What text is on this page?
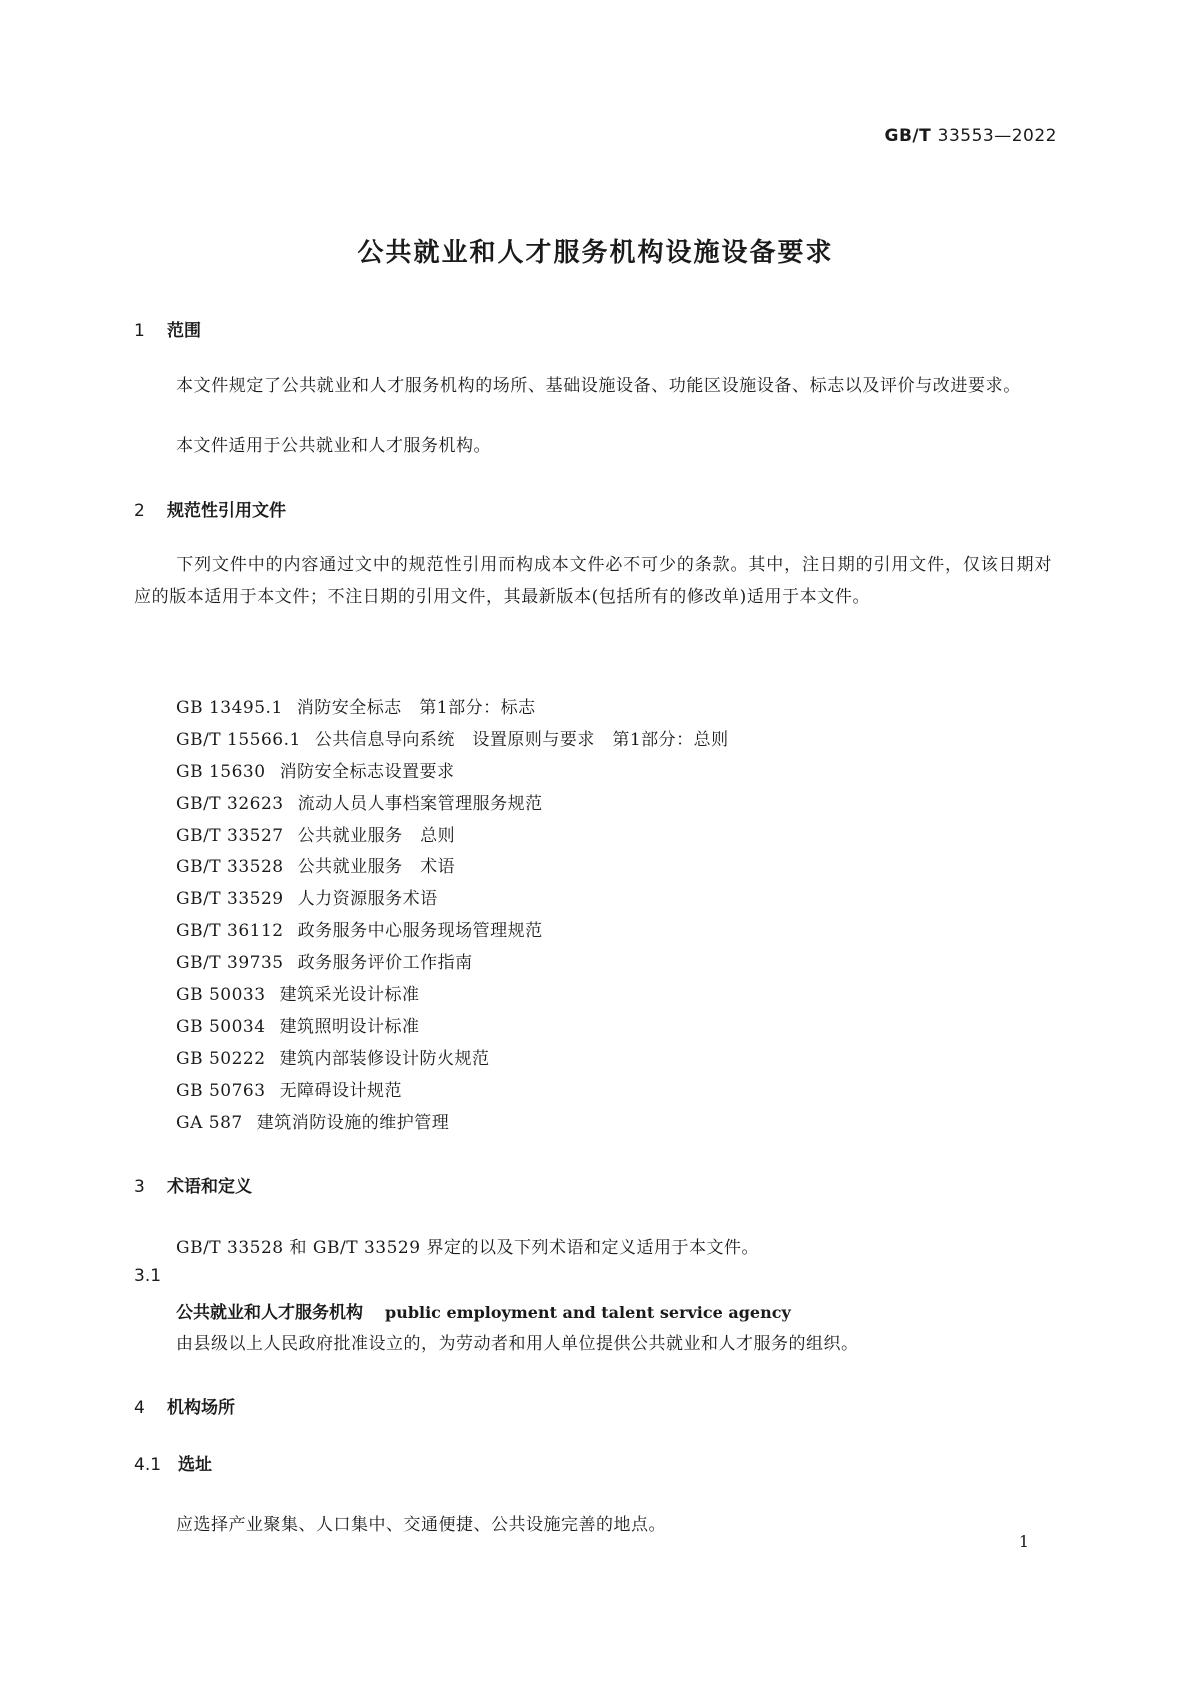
GB/T 33553—2022
公共就业和人才服务机构设施设备要求
1 范围
本文件规定了公共就业和人才服务机构的场所、基础设施设备、功能区设施设备、标志以及评价与改进要求。
本文件适用于公共就业和人才服务机构。
2 规范性引用文件
下列文件中的内容通过文中的规范性引用而构成本文件必不可少的条款。其中，注日期的引用文件，仅该日期对应的版本适用于本文件；不注日期的引用文件，其最新版本(包括所有的修改单)适用于本文件。
GB 13495.1 消防安全标志　第1部分：标志
GB/T 15566.1 公共信息导向系统　设置原则与要求　第1部分：总则
GB 15630 消防安全标志设置要求
GB/T 32623 流动人员人事档案管理服务规范
GB/T 33527 公共就业服务　总则
GB/T 33528 公共就业服务　术语
GB/T 33529 人力资源服务术语
GB/T 36112 政务服务中心服务现场管理规范
GB/T 39735 政务服务评价工作指南
GB 50033 建筑采光设计标准
GB 50034 建筑照明设计标准
GB 50222 建筑内部装修设计防火规范
GB 50763 无障碍设计规范
GA 587 建筑消防设施的维护管理
3 术语和定义
GB/T 33528 和 GB/T 33529 界定的以及下列术语和定义适用于本文件。
3.1
公共就业和人才服务机构 public employment and talent service agency
由县级以上人民政府批准设立的，为劳动者和用人单位提供公共就业和人才服务的组织。
4 机构场所
4.1 选址
应选择产业聚集、人口集中、交通便捷、公共设施完善的地点。
1
